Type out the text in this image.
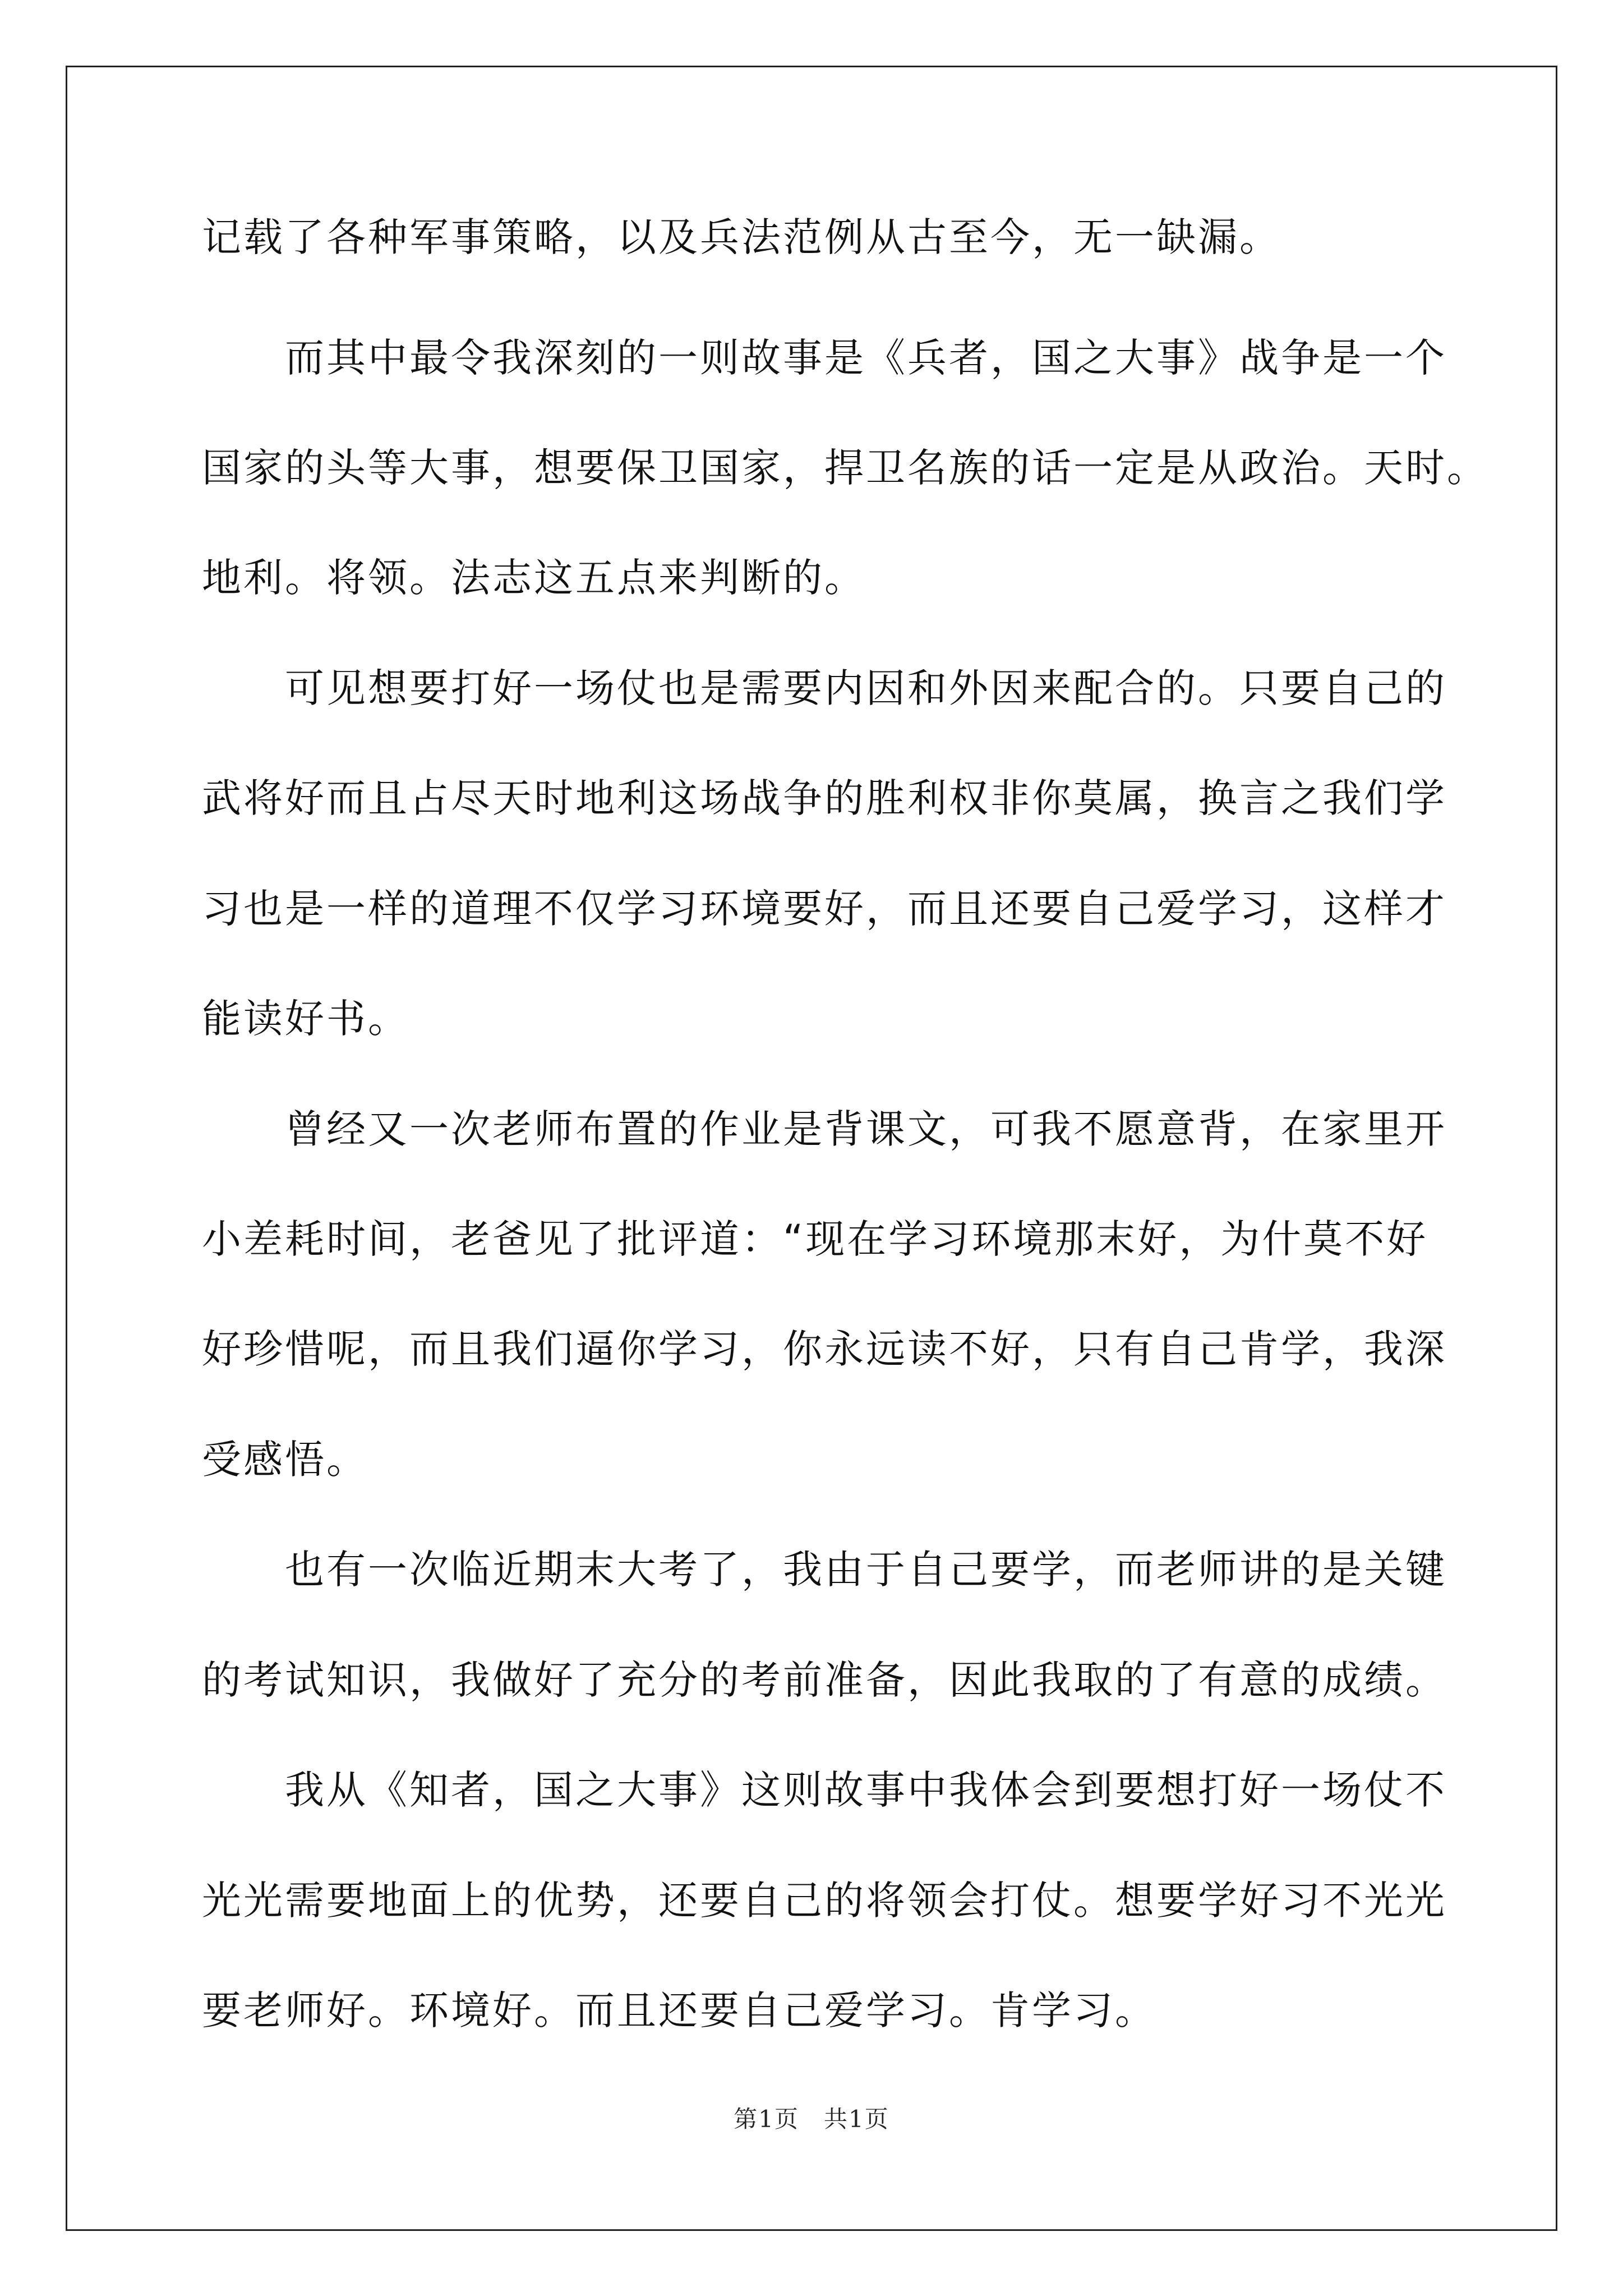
记载了各种军事策略，以及兵法范例从古至今，无一缺漏。
而其中最令我深刻的一则故事是《兵者，国之大事》战争是一个
国家的头等大事，想要保卫国家，捍卫名族的话一定是从政治。天时。
地利。将领。法志这五点来判断的。
可见想要打好一场仗也是需要内因和外因来配合的。只要自己的
武将好而且占尽天时地利这场战争的胜利权非你莫属，换言之我们学
习也是一样的道理不仅学习环境要好，而且还要自己爱学习，这样才
能读好书。
曾经又一次老师布置的作业是背课文，可我不愿意背，在家里开
小差耗时间，老爸见了批评道：“现在学习环境那末好，为什莫不好
好珍惜呢，而且我们逼你学习，你永远读不好，只有自己肯学，我深
受感悟。
也有一次临近期末大考了，我由于自己要学，而老师讲的是关键
的考试知识，我做好了充分的考前准备，因此我取的了有意的成绩。
我从《知者，国之大事》这则故事中我体会到要想打好一场仗不
光光需要地面上的优势，还要自己的将领会打仗。想要学好习不光光
要老师好。环境好。而且还要自己爱学习。肯学习。
第1页　共1页
